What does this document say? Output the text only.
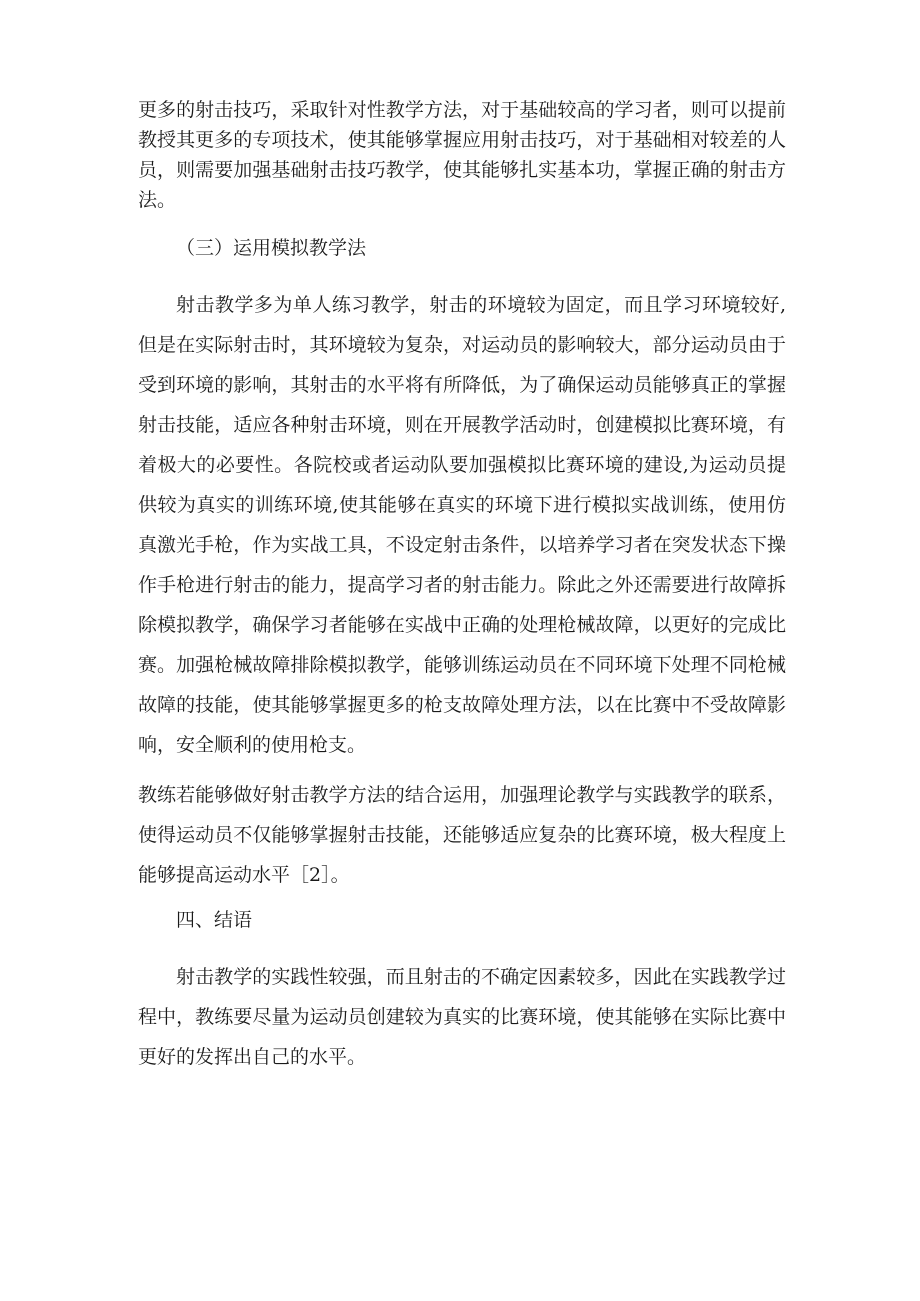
更多的射击技巧，采取针对性教学方法，对于基础较高的学习者，则可以提前教授其更多的专项技术，使其能够掌握应用射击技巧，对于基础相对较差的人员，则需要加强基础射击技巧教学，使其能够扎实基本功，掌握正确的射击方法。

（三）运用模拟教学法

射击教学多为单人练习教学，射击的环境较为固定，而且学习环境较好,但是在实际射击时，其环境较为复杂，对运动员的影响较大，部分运动员由于受到环境的影响，其射击的水平将有所降低，为了确保运动员能够真正的掌握射击技能，适应各种射击环境，则在开展教学活动时，创建模拟比赛环境，有着极大的必要性。各院校或者运动队要加强模拟比赛环境的建设,为运动员提供较为真实的训练环境,使其能够在真实的环境下进行模拟实战训练，使用仿真激光手枪，作为实战工具，不设定射击条件，以培养学习者在突发状态下操作手枪进行射击的能力，提高学习者的射击能力。除此之外还需要进行故障拆除模拟教学，确保学习者能够在实战中正确的处理枪械故障，以更好的完成比赛。加强枪械故障排除模拟教学，能够训练运动员在不同环境下处理不同枪械故障的技能，使其能够掌握更多的枪支故障处理方法，以在比赛中不受故障影响，安全顺利的使用枪支。

教练若能够做好射击教学方法的结合运用，加强理论教学与实践教学的联系，使得运动员不仅能够掌握射击技能，还能够适应复杂的比赛环境，极大程度上能够提高运动水平［2］。

四、结语

射击教学的实践性较强，而且射击的不确定因素较多，因此在实践教学过程中，教练要尽量为运动员创建较为真实的比赛环境，使其能够在实际比赛中更好的发挥出自己的水平。
